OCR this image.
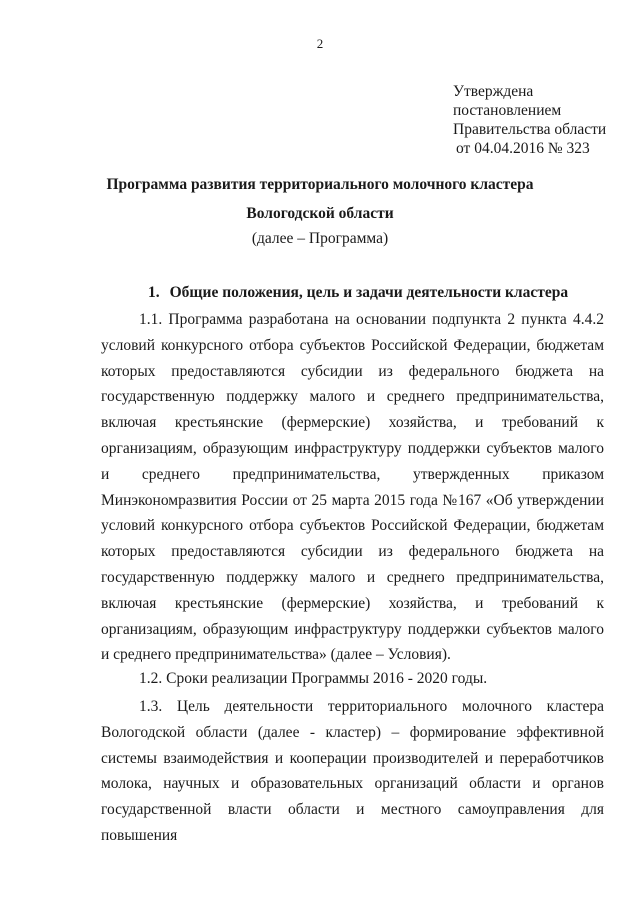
2
Утверждена
постановлением
Правительства области
от 04.04.2016 № 323
Программа развития территориального молочного кластера
Вологодской области
(далее – Программа)
1. Общие положения, цель и задачи деятельности кластера

1.1. Программа разработана на основании подпункта 2 пункта 4.4.2 условий конкурсного отбора субъектов Российской Федерации, бюджетам которых предоставляются субсидии из федерального бюджета на государственную поддержку малого и среднего предпринимательства, включая крестьянские (фермерские) хозяйства, и требований к организациям, образующим инфраструктуру поддержки субъектов малого и среднего предпринимательства, утвержденных приказом Минэкономразвития России от 25 марта 2015 года №167 «Об утверждении условий конкурсного отбора субъектов Российской Федерации, бюджетам которых предоставляются субсидии из федерального бюджета на государственную поддержку малого и среднего предпринимательства, включая крестьянские (фермерские) хозяйства, и требований к организациям, образующим инфраструктуру поддержки субъектов малого и среднего предпринимательства» (далее – Условия).

1.2. Сроки реализации Программы 2016 - 2020 годы.

1.3. Цель деятельности территориального молочного кластера Вологодской области (далее - кластер) – формирование эффективной системы взаимодействия и кооперации производителей и переработчиков молока, научных и образовательных организаций области и органов государственной власти области и местного самоуправления для повышения
